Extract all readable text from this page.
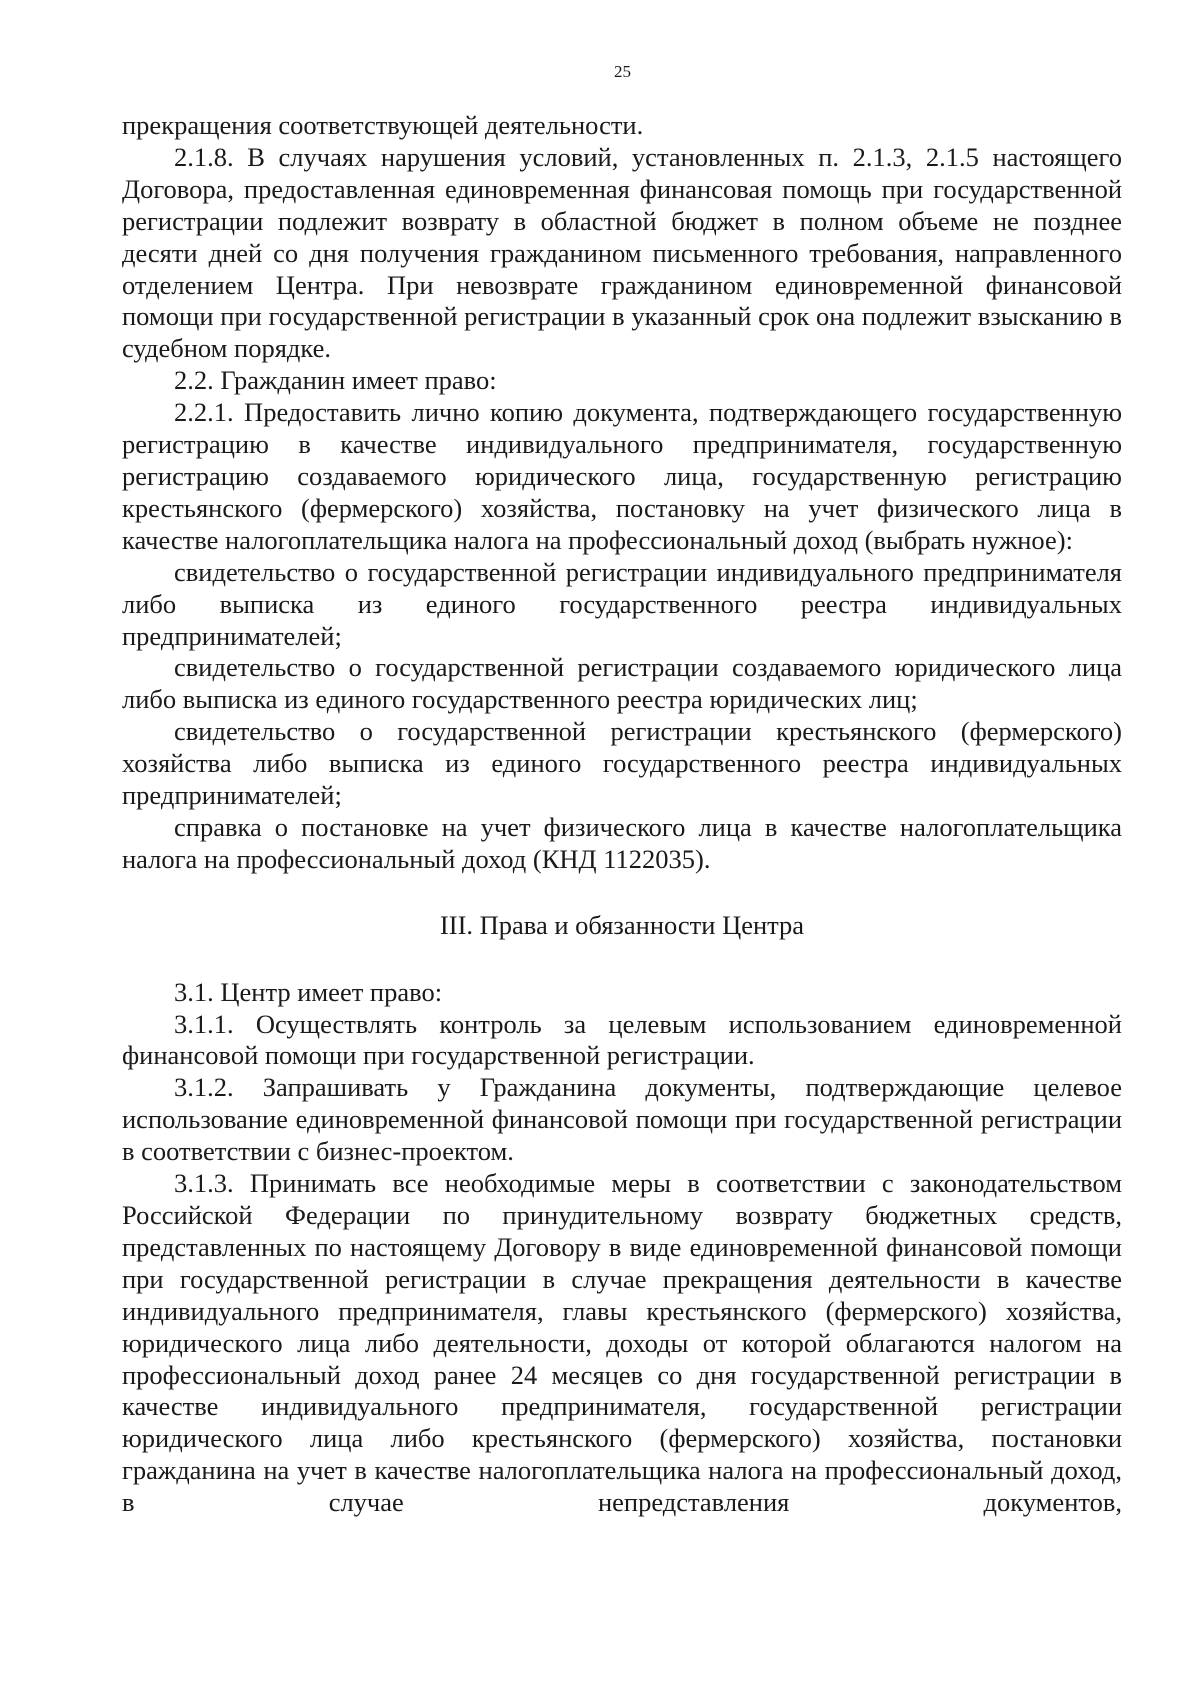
25

прекращения соответствующей деятельности.

2.1.8. В случаях нарушения условий, установленных п. 2.1.3, 2.1.5 настоящего Договора, предоставленная единовременная финансовая помощь при государственной регистрации подлежит возврату в областной бюджет в полном объеме не позднее десяти дней со дня получения гражданином письменного требования, направленного отделением Центра. При невозврате гражданином единовременной финансовой помощи при государственной регистрации в указанный срок она подлежит взысканию в судебном порядке.

2.2. Гражданин имеет право:

2.2.1. Предоставить лично копию документа, подтверждающего государственную регистрацию в качестве индивидуального предпринимателя, государственную регистрацию создаваемого юридического лица, государственную регистрацию крестьянского (фермерского) хозяйства, постановку на учет физического лица в качестве налогоплательщика налога на профессиональный доход (выбрать нужное):

свидетельство о государственной регистрации индивидуального предпринимателя либо выписка из единого государственного реестра индивидуальных предпринимателей;

свидетельство о государственной регистрации создаваемого юридического лица либо выписка из единого государственного реестра юридических лиц;

свидетельство о государственной регистрации крестьянского (фермерского) хозяйства либо выписка из единого государственного реестра индивидуальных предпринимателей;

справка о постановке на учет физического лица в качестве налогоплательщика налога на профессиональный доход (КНД 1122035).

III. Права и обязанности Центра

3.1. Центр имеет право:

3.1.1. Осуществлять контроль за целевым использованием единовременной финансовой помощи при государственной регистрации.

3.1.2. Запрашивать у Гражданина документы, подтверждающие целевое использование единовременной финансовой помощи при государственной регистрации в соответствии с бизнес-проектом.

3.1.3. Принимать все необходимые меры в соответствии с законодательством Российской Федерации по принудительному возврату бюджетных средств, представленных по настоящему Договору в виде единовременной финансовой помощи при государственной регистрации в случае прекращения деятельности в качестве индивидуального предпринимателя, главы крестьянского (фермерского) хозяйства, юридического лица либо деятельности, доходы от которой облагаются налогом на профессиональный доход ранее 24 месяцев со дня государственной регистрации в качестве индивидуального предпринимателя, государственной регистрации юридического лица либо крестьянского (фермерского) хозяйства, постановки гражданина на учет в качестве налогоплательщика налога на профессиональный доход, в случае непредставления документов,
